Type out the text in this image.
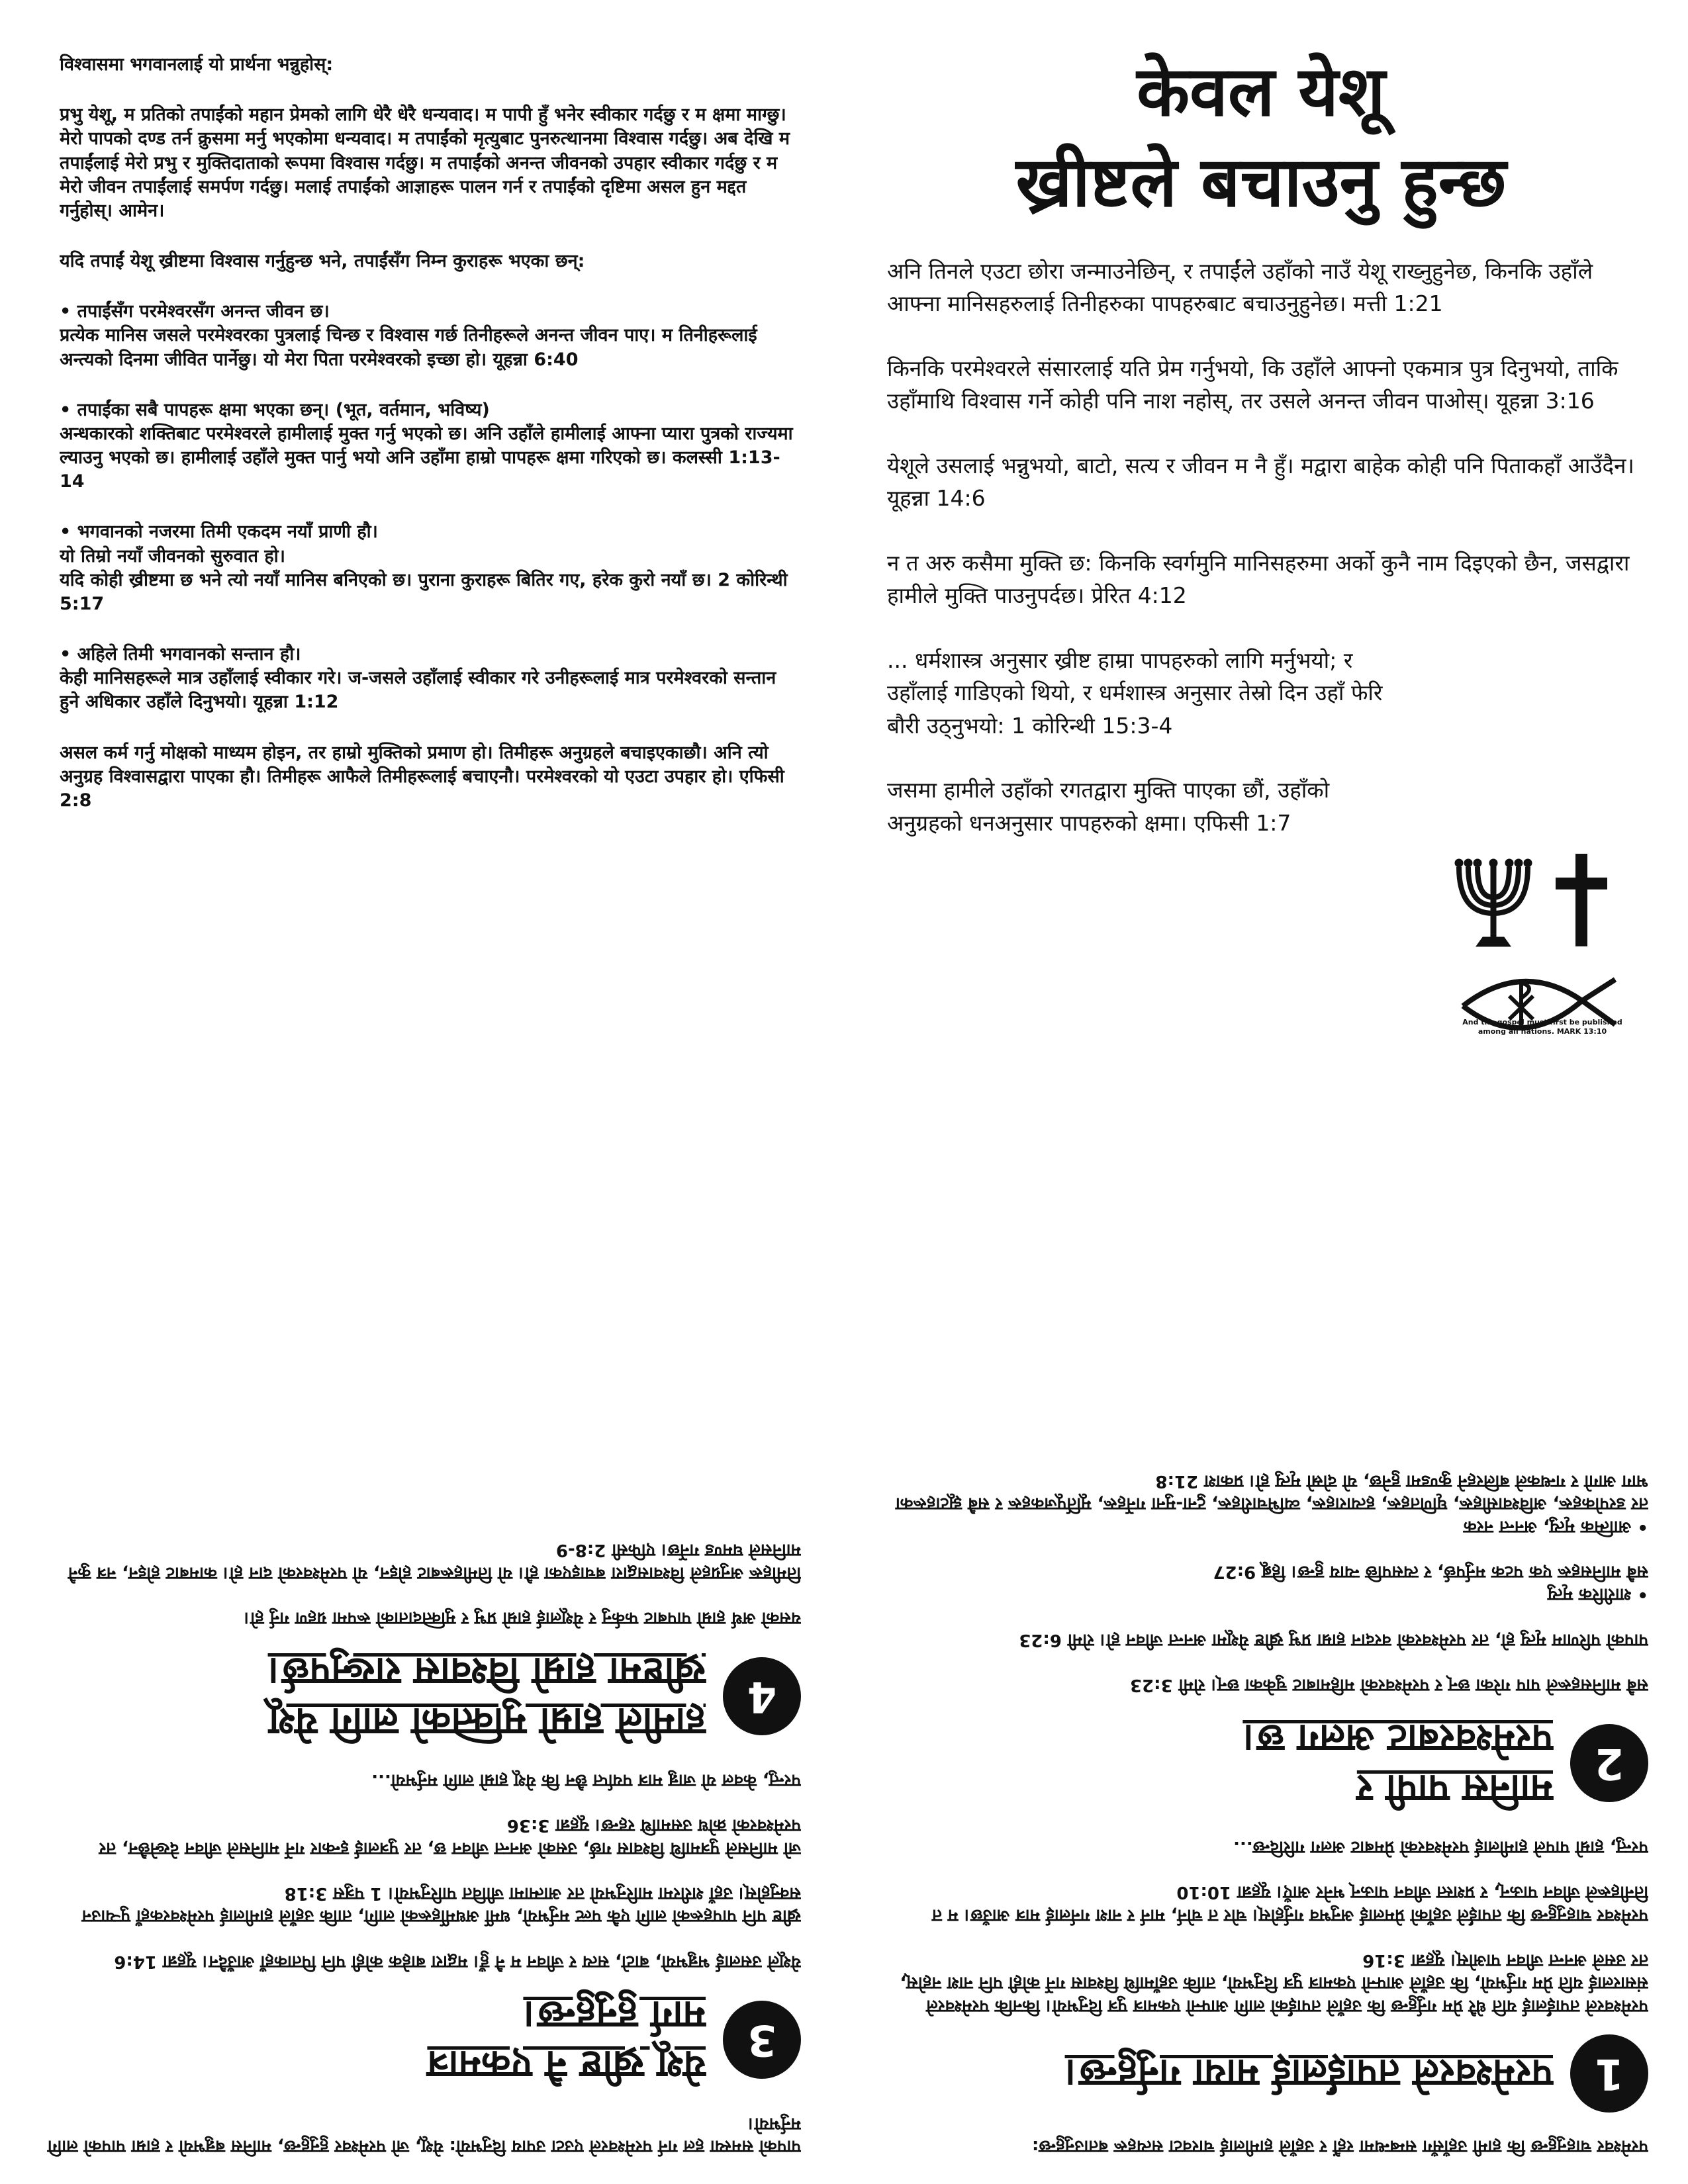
विश्वासमा भगवानलाई यो प्रार्थना भन्नुहोस्:

प्रभु येशू, म प्रतिको तपाईंको महान प्रेमको लागि धेरै धेरै धन्यवाद। म पापी हुँ भनेर स्वीकार गर्दछु र म क्षमा माग्छु। मेरो पापको दण्ड तर्न क्रुसमा मर्नु भएकोमा धन्यवाद। म तपाईंको मृत्युबाट पुनरुत्थानमा विश्वास गर्दछु। अब देखि म तपाईंलाई मेरो प्रभु र मुक्तिदाताको रूपमा विश्वास गर्दछु। म तपाईंको अनन्त जीवनको उपहार स्वीकार गर्दछु र म मेरो जीवन तपाईंलाई समर्पण गर्दछु। मलाई तपाईंको आज्ञाहरू पालन गर्न र तपाईंको दृष्टिमा असल हुन मद्दत गर्नुहोस्। आमेन।

यदि तपाईं येशू ख्रीष्टमा विश्वास गर्नुहुन्छ भने, तपाईंसँग निम्न कुराहरू भएका छन्:

• तपाईंसँग परमेश्वरसँग अनन्त जीवन छ।
प्रत्येक मानिस जसले परमेश्वरका पुत्रलाई चिन्छ र विश्वास गर्छ तिनीहरूले अनन्त जीवन पाए। म तिनीहरूलाई अन्त्यको दिनमा जीवित पार्नेछु। यो मेरा पिता परमेश्वरको इच्छा हो। यूहन्ना 6:40

• तपाईंका सबै पापहरू क्षमा भएका छन्। (भूत, वर्तमान, भविष्य)
अन्धकारको शक्तिबाट परमेश्वरले हामीलाई मुक्त गर्नु भएको छ। अनि उहाँले हामीलाई आफ्ना प्यारा पुत्रको राज्यमा ल्याउनु भएको छ। हामीलाई उहाँले मुक्त पार्नु भयो अनि उहाँमा हाम्रो पापहरू क्षमा गरिएको छ। कलस्सी 1:13-14

• भगवानको नजरमा तिमी एकदम नयाँ प्राणी हौ।
यो तिम्रो नयाँ जीवनको सुरुवात हो।
यदि कोही ख्रीष्टमा छ भने त्यो नयाँ मानिस बनिएको छ। पुराना कुराहरू बितिर गए, हरेक कुरो नयाँ छ। 2 कोरिन्थी 5:17

• अहिले तिमी भगवानको सन्तान हौ।
केही मानिसहरूले मात्र उहाँलाई स्वीकार गरे। ज-जसले उहाँलाई स्वीकार गरे उनीहरूलाई मात्र परमेश्वरको सन्तान हुने अधिकार उहाँले दिनुभयो। यूहन्ना 1:12

असल कर्म गर्नु मोक्षको माध्यम होइन, तर हाम्रो मुक्तिको प्रमाण हो। तिमीहरू अनुग्रहले बचाइएकाछौ। अनि त्यो अनुग्रह विश्वासद्वारा पाएका हौ। तिमीहरू आफैले तिमीहरूलाई बचाएनौ। परमेश्वरको यो एउटा उपहार हो। एफिसी 2:8

केवल येशू
ख्रीष्टले बचाउनु हुन्छ

अनि तिनले एउटा छोरा जन्माउनेछिन्, र तपाईंले उहाँको नाउँ येशू राख्नुहुनेछ, किनकि उहाँले आफ्ना मानिसहरुलाई तिनीहरुका पापहरुबाट बचाउनुहुनेछ। मत्ती 1:21

किनकि परमेश्वरले संसारलाई यति प्रेम गर्नुभयो, कि उहाँले आफ्नो एकमात्र पुत्र दिनुभयो, ताकि उहाँमाथि विश्वास गर्ने कोही पनि नाश नहोस्, तर उसले अनन्त जीवन पाओस्। यूहन्ना 3:16

येशूले उसलाई भन्नुभयो, बाटो, सत्य र जीवन म नै हुँ। मद्वारा बाहेक कोही पनि पिताकहाँ आउँदैन। यूहन्ना 14:6

न त अरु कसैमा मुक्ति छ: किनकि स्वर्गमुनि मानिसहरुमा अर्को कुनै नाम दिइएको छैन, जसद्वारा हामीले मुक्ति पाउनुपर्दछ। प्रेरित 4:12

... धर्मशास्त्र अनुसार ख्रीष्ट हाम्रा पापहरुको लागि मर्नुभयो; र उहाँलाई गाडिएको थियो, र धर्मशास्त्र अनुसार तेस्रो दिन उहाँ फेरि बौरी उठ्नुभयो: 1 कोरिन्थी 15:3-4

जसमा हामीले उहाँको रगतद्वारा मुक्ति पाएका छौं, उहाँको अनुग्रहको धनअनुसार पापहरुको क्षमा। एफिसी 1:7

And the gospel must first be published
among all nations. MARK 13:10

परमेश्वर चाहनुहुन्छ कि हामी उहाँसँग सम्बन्धमा रहौं र उहाँले हामीलाई चारवटा सत्यहरू बताउनुहुन्छ:

1
परमेश्वरले तपाईंलाई माया गर्नुहुन्छ।

परमेश्वरले तपाईंलाई यति धेरै प्रेम गर्नुहुन्छ कि उहाँले तपाईंको लागि आफ्नो एकमात्र पुत्र दिनुभयो। किनकि परमेश्वरले संसारलाई यति प्रेम गर्नुभयो, कि उहाँले आफ्नो एकमात्र पुत्र दिनुभयो, ताकि उहाँमाथि विश्वास गर्ने कोही पनि नाश नहोस्, तर उसले अनन्त जीवन पाओस्। यूहन्ना 3:16

परमेश्वर चाहनुहुन्छ कि तपाईंले उहाँको प्रेमलाई अनुभव गर्नुहोस्। चोर त चोर्न, मार्न र नाश गर्नलाई मात्र आउँछ। म त तिनीहरूले जीवन पाऊन्, र प्रशस्त जीवन पाऊन् भनेर आएँ। यूहन्ना 10:10

परन्तु, हाम्रो पापले हामीलाई परमेश्वरको प्रेमबाट अलग गरिदिन्छ...

2
मानिस पापी र
परमेश्वरबाट अलग छ।

सबै मानिसहरूले पाप गरेका छन् र परमेश्वरको महिमाबाट चुकेका छन्। रोमी 3:23

पापको परिणाम मृत्यु हो, तर परमेश्वरको वरदान हाम्रा प्रभु ख्रीष्ट येशूमा अनन्त जीवन हो। रोमी 6:23

• शारीरिक मृत्यु
सबै मानिसहरू एक पटक मर्नुपर्छ, र त्यसपछि न्याय हुन्छ। हिब्रू 9:27

• आत्मिक मृत्यु, अनन्त नरक
तर डरपोकहरू, अविश्वासीहरू, घृणितहरू, हत्याराहरू, व्यभिचारीहरू, टुना-मुना गर्नेहरू, मूर्तिपूजकहरू र सबै झूटाहरूका भाग आगो र गन्धकले बलिरहने कुण्डमा हुनेछ, यो दोस्रो मृत्यु हो। प्रकाश 21:8

पापको समस्या हल गर्न परमेश्वरले एउटा उपाय दिनुभयो: येशू, जो परमेश्वर हुनुहुन्छ, मानिस बन्नुभयो र हाम्रा पापको लागि मर्नुभयो।

3
येशू ख्रीष्ट नै एकमात्र
मार्ग हुनुहुन्छ।

येशूले उसलाई भन्नुभयो, बाटो, सत्य र जीवन म नै हुँ। मद्वारा बाहेक कोही पनि पिताकहाँ आउँदैन। यूहन्ना 14:6

ख्रीष्ट पनि पापहरूको लागि एकै पल्ट मर्नुभयो, धर्मी अधर्मीहरूको लागि, ताकि उहाँले हामीलाई परमेश्वरकहाँ पुर्‍याउन सक्नुहोस्। उहाँ शरीरमा मारिनुभयो तर आत्मामा जीवित पारिनुभयो। 1 पत्रुस 3:18

जो मानिसले पुत्रमाथि विश्वास गर्छ, उसको अनन्त जीवन छ, तर पुत्रलाई इन्कार गर्ने मानिसले जीवन देख्नेछैन, तर परमेश्वरको क्रोध उसमाथि रहन्छ। यूहन्ना 3:36

परन्तु, केवल यो जान्नु मात्र पर्याप्त छैन कि येशू हाम्रो लागि मर्नुभयो...

4
हामीले हाम्रो मुक्तिको लागि येशू
ख्रीष्टमा हाम्रो विश्वास राख्नुपर्छ।

यसको अर्थ हाम्रो पापबाट फर्कनु र येशूलाई हाम्रो प्रभु र मुक्तिदाताको रूपमा ग्रहण गर्नु हो।

तिमीहरू अनुग्रहले विश्वासद्वारा बचाइएका हौ। यो तिमीहरूबाट होइन, यो परमेश्वरको दान हो। कामबाट होइन, नत्र कुनै मानिसले घमण्ड गर्नेछ। एफिसी 2:8-9
